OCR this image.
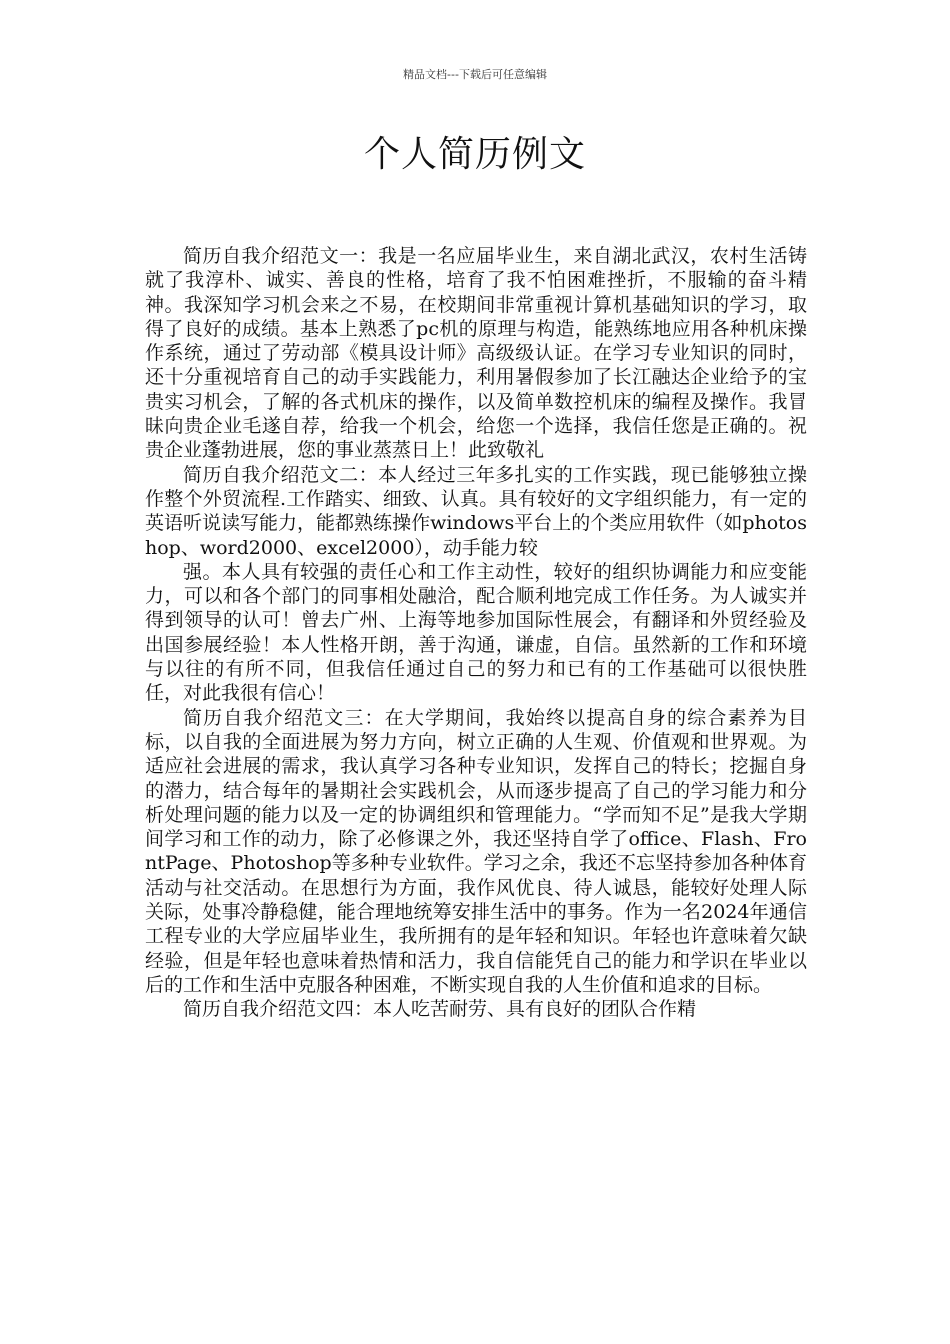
精品文档---下载后可任意编辑
个人简历例文

简历自我介绍范文一：我是一名应届毕业生，来自湖北武汉，农村生活铸就了我淳朴、诚实、善良的性格，培育了我不怕困难挫折，不服输的奋斗精神。我深知学习机会来之不易，在校期间非常重视计算机基础知识的学习，取得了良好的成绩。基本上熟悉了pc机的原理与构造，能熟练地应用各种机床操作系统，通过了劳动部《模具设计师》高级级认证。在学习专业知识的同时，还十分重视培育自己的动手实践能力，利用暑假参加了长江融达企业给予的宝贵实习机会，了解的各式机床的操作，以及简单数控机床的编程及操作。我冒昧向贵企业毛遂自荐，给我一个机会，给您一个选择，我信任您是正确的。祝贵企业蓬勃进展，您的事业蒸蒸日上！此致敬礼

简历自我介绍范文二：本人经过三年多扎实的工作实践，现已能够独立操作整个外贸流程.工作踏实、细致、认真。具有较好的文字组织能力，有一定的英语听说读写能力，能都熟练操作windows平台上的个类应用软件（如photoshop、word2000、excel2000），动手能力较

强。本人具有较强的责任心和工作主动性，较好的组织协调能力和应变能力，可以和各个部门的同事相处融洽，配合顺利地完成工作任务。为人诚实并得到领导的认可！曾去广州、上海等地参加国际性展会，有翻译和外贸经验及出国参展经验！本人性格开朗，善于沟通，谦虚，自信。虽然新的工作和环境与以往的有所不同，但我信任通过自己的努力和已有的工作基础可以很快胜任，对此我很有信心！

简历自我介绍范文三：在大学期间，我始终以提高自身的综合素养为目标，以自我的全面进展为努力方向，树立正确的人生观、价值观和世界观。为适应社会进展的需求，我认真学习各种专业知识，发挥自己的特长；挖掘自身的潜力，结合每年的暑期社会实践机会，从而逐步提高了自己的学习能力和分析处理问题的能力以及一定的协调组织和管理能力。“学而知不足”是我大学期间学习和工作的动力，除了必修课之外，我还坚持自学了office、Flash、FrontPage、Photoshop等多种专业软件。学习之余，我还不忘坚持参加各种体育活动与社交活动。在思想行为方面，我作风优良、待人诚恳，能较好处理人际关际，处事冷静稳健，能合理地统筹安排生活中的事务。作为一名2024年通信工程专业的大学应届毕业生，我所拥有的是年轻和知识。年轻也许意味着欠缺经验，但是年轻也意味着热情和活力，我自信能凭自己的能力和学识在毕业以后的工作和生活中克服各种困难，不断实现自我的人生价值和追求的目标。

简历自我介绍范文四：本人吃苦耐劳、具有良好的团队合作精
